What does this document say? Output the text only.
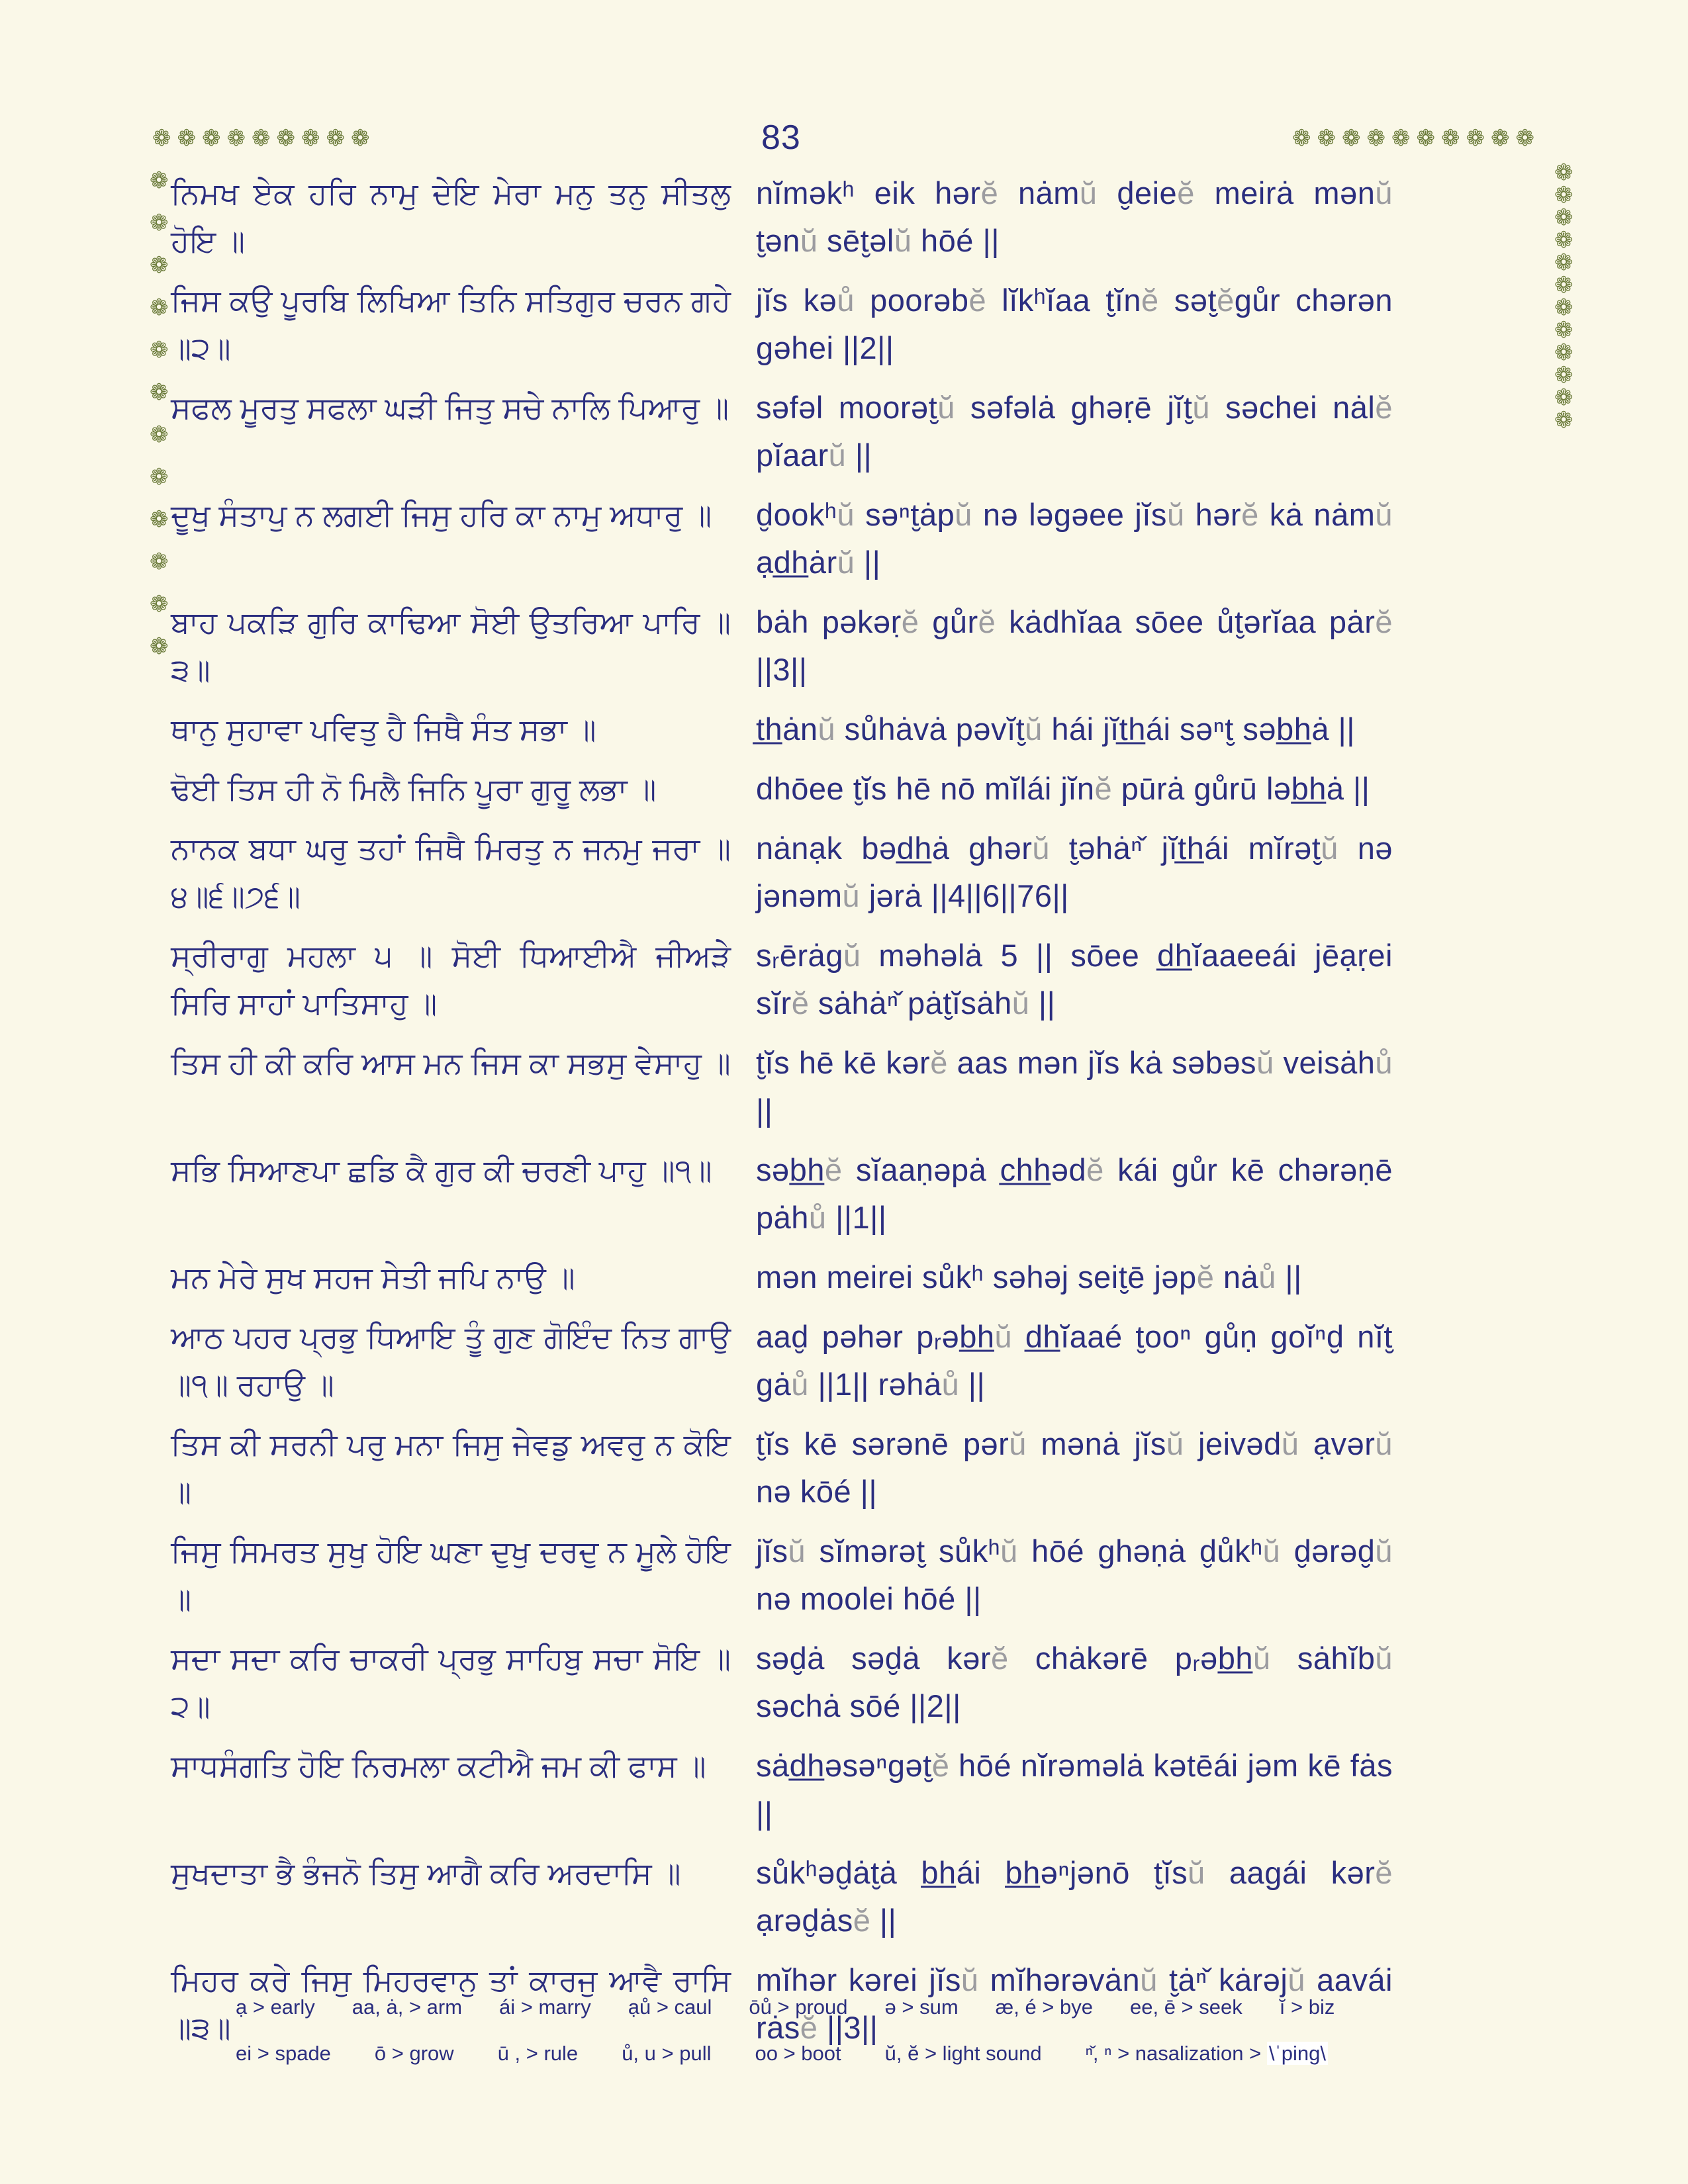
83
❁ ❁ ❁ ❁ ❁ ❁ ❁ ❁ ❁	❁ ❁ ❁ ❁ ❁ ❁ ❁ ❁ ❁ ❁
❁
❁
❁
❁
❁
❁
❁
❁
❁
❁
❁
❁
❁
❁
❁
❁
❁
❁
❁
❁
❁
❁
❁
❁
ਨਿਮਖ ਏਕ ਹਰਿ ਨਾਮੁ ਦੇਇ ਮੇਰਾ ਮਨੁ ਤਨੁ ਸੀਤਲੁ ਹੋਇ ॥
nĭməkʰ eik hərĕ nȧmŭ d̮eieĕ meirȧ mənŭ t̮ənŭ sēt̮əlŭ hōé ||
ਜਿਸ ਕਉ ਪੂਰਬਿ ਲਿਖਿਆ ਤਿਨਿ ਸਤਿਗੁਰ ਚਰਨ ਗਹੇ ॥੨॥
jĭs kəů poorəbĕ lĭkʰĭaa t̮ĭnĕ sət̮ĕgůr chərən gəhei ||2||
ਸਫਲ ਮੂਰਤੁ ਸਫਲਾ ਘੜੀ ਜਿਤੁ ਸਚੇ ਨਾਲਿ ਪਿਆਰੁ ॥ səfəl moorət̮ŭ səfəlȧ ghəṛē jĭt̮ŭ səchei nȧlĕ pĭaarŭ ||
ਦੂਖੁ ਸੰਤਾਪੁ ਨ ਲਗਈ ਜਿਸੁ ਹਰਿ ਕਾ ਨਾਮੁ ਅਧਾਰੁ ॥	d̮ookʰŭ səⁿt̮ȧpŭ nə ləgəee jĭsŭ hərĕ kȧ nȧmŭ ạd̲h̲ȧrŭ ||
ਬਾਹ ਪਕੜਿ ਗੁਰਿ ਕਾਢਿਆ ਸੋਈ ਉਤਰਿਆ ਪਾਰਿ ॥੩॥
bȧh pəkəṛĕ gůrĕ kȧdhĭaa sōee ůt̮ərĭaa pȧrĕ ||3||
ਥਾਨੁ ਸੁਹਾਵਾ ਪਵਿਤੁ ਹੈ ਜਿਥੈ ਸੰਤ ਸਭਾ ॥	t̲h̲ȧnŭ sůhȧvȧ pəvĭt̮ŭ hái jĭt̲h̲ái səⁿt̮ səb̲h̲ȧ ||
ਢੋਈ ਤਿਸ ਹੀ ਨੋ ਮਿਲੈ ਜਿਨਿ ਪੂਰਾ ਗੁਰੂ ਲਭਾ ॥	dhōee t̮ĭs hē nō mĭlái jĭnĕ pūrȧ gůrū ləb̲h̲ȧ ||
ਨਾਨਕ ਬਧਾ ਘਰੁ ਤਹਾਂ ਜਿਥੈ ਮਿਰਤੁ ਨ ਜਨਮੁ ਜਰਾ ॥੪॥੬॥੭੬॥
nȧnạk bəd̲h̲ȧ ghərŭ t̮əhȧⁿ̌ jĭt̲h̲ái mĭrət̮ŭ nə jənəmŭ jərȧ ||4||6||76||
ਸ੍ਰੀਰਾਗੁ ਮਹਲਾ ੫ ॥ ਸੋਈ ਧਿਆਈਐ ਜੀਅੜੇ ਸਿਰਿ ਸਾਹਾਂ ਪਾਤਿਸਾਹੁ ॥
sᵣērȧgŭ məhəlȧ 5 || sōee d̲h̲ĭaaeeái jēạṛei sĭrĕ sȧhȧⁿ̌ pȧt̮ĭsȧhŭ ||
ਤਿਸ ਹੀ ਕੀ ਕਰਿ ਆਸ ਮਨ ਜਿਸ ਕਾ ਸਭਸੁ ਵੇਸਾਹੁ ॥ t̮ĭs hē kē kərĕ aas mən jĭs kȧ səbəsŭ veisȧhů ||
ਸਭਿ ਸਿਆਣਪਾ ਛਡਿ ਕੈ ਗੁਰ ਕੀ ਚਰਣੀ ਪਾਹੁ ॥੧॥	səb̲h̲ĕ sĭaaṇəpȧ c̲h̲h̲ədĕ kái gůr kē chərəṇē pȧhů ||1||
ਮਨ ਮੇਰੇ ਸੁਖ ਸਹਜ ਸੇਤੀ ਜਪਿ ਨਾਉ ॥	mən meirei sůkʰ səhəj seit̮ē jəpĕ nȧů ||
ਆਠ ਪਹਰ ਪ੍ਰਭੁ ਧਿਆਇ ਤੂੰ ਗੁਣ ਗੋਇੰਦ ਨਿਤ ਗਾਉ ॥੧॥ ਰਹਾਉ ॥
aad̮ pəhər pᵣəb̲h̲ŭ d̲h̲ĭaaé t̮ooⁿ gůṇ goĭⁿd̮ nĭt̮ gȧů ||1|| rəhȧů ||
ਤਿਸ ਕੀ ਸਰਨੀ ਪਰੁ ਮਨਾ ਜਿਸੁ ਜੇਵਡੁ ਅਵਰੁ ਨ ਕੋਇ ॥
t̮ĭs kē sərənē pərŭ mənȧ jĭsŭ jeivədŭ ạvərŭ nə kōé ||
ਜਿਸੁ ਸਿਮਰਤ ਸੁਖੁ ਹੋਇ ਘਣਾ ਦੁਖੁ ਦਰਦੁ ਨ ਮੂਲੇ ਹੋਇ ॥
jĭsŭ sĭmərət̮ sůkʰŭ hōé ghəṇȧ d̮ůkʰŭ d̮ərəd̮ŭ nə moolei hōé ||
ਸਦਾ ਸਦਾ ਕਰਿ ਚਾਕਰੀ ਪ੍ਰਭੁ ਸਾਹਿਬੁ ਸਚਾ ਸੋਇ ॥੨॥
səd̮ȧ səd̮ȧ kərĕ chȧkərē pᵣəb̲h̲ŭ sȧhĭbŭ səchȧ sōé ||2||
ਸਾਧਸੰਗਤਿ ਹੋਇ ਨਿਰਮਲਾ ਕਟੀਐ ਜਮ ਕੀ ਫਾਸ ॥	sȧd̲h̲əsəⁿgət̮ĕ hōé nĭrəməlȧ kətēái jəm kē fȧs ||
ਸੁਖਦਾਤਾ ਭੈ ਭੰਜਨੋ ਤਿਸੁ ਆਗੈ ਕਰਿ ਅਰਦਾਸਿ ॥	sůkʰəd̮ȧt̮ȧ b̲h̲ái b̲h̲əⁿjənō t̮ĭsŭ aagái kərĕ ạrəd̮ȧsĕ ||
ਮਿਹਰ ਕਰੇ ਜਿਸੁ ਮਿਹਰਵਾਨੁ ਤਾਂ ਕਾਰਜੁ ਆਵੈ ਰਾਸਿ ॥੩॥
mĭhər kərei jĭsŭ mĭhərəvȧnŭ t̮ȧⁿ̌ kȧrəjŭ aavái rȧsĕ ||3||
ạ > early aa, ȧ, > arm ái > marry ạů > caul ōů > proud ə > sum æ, é > bye ee, ē > seek ĭ > biz
ei > spade ō > grow ū , > rule ů, u > pull oo > boot ŭ, ĕ > light sound ⁿ̌, ⁿ > nasalization > \ˈping\
